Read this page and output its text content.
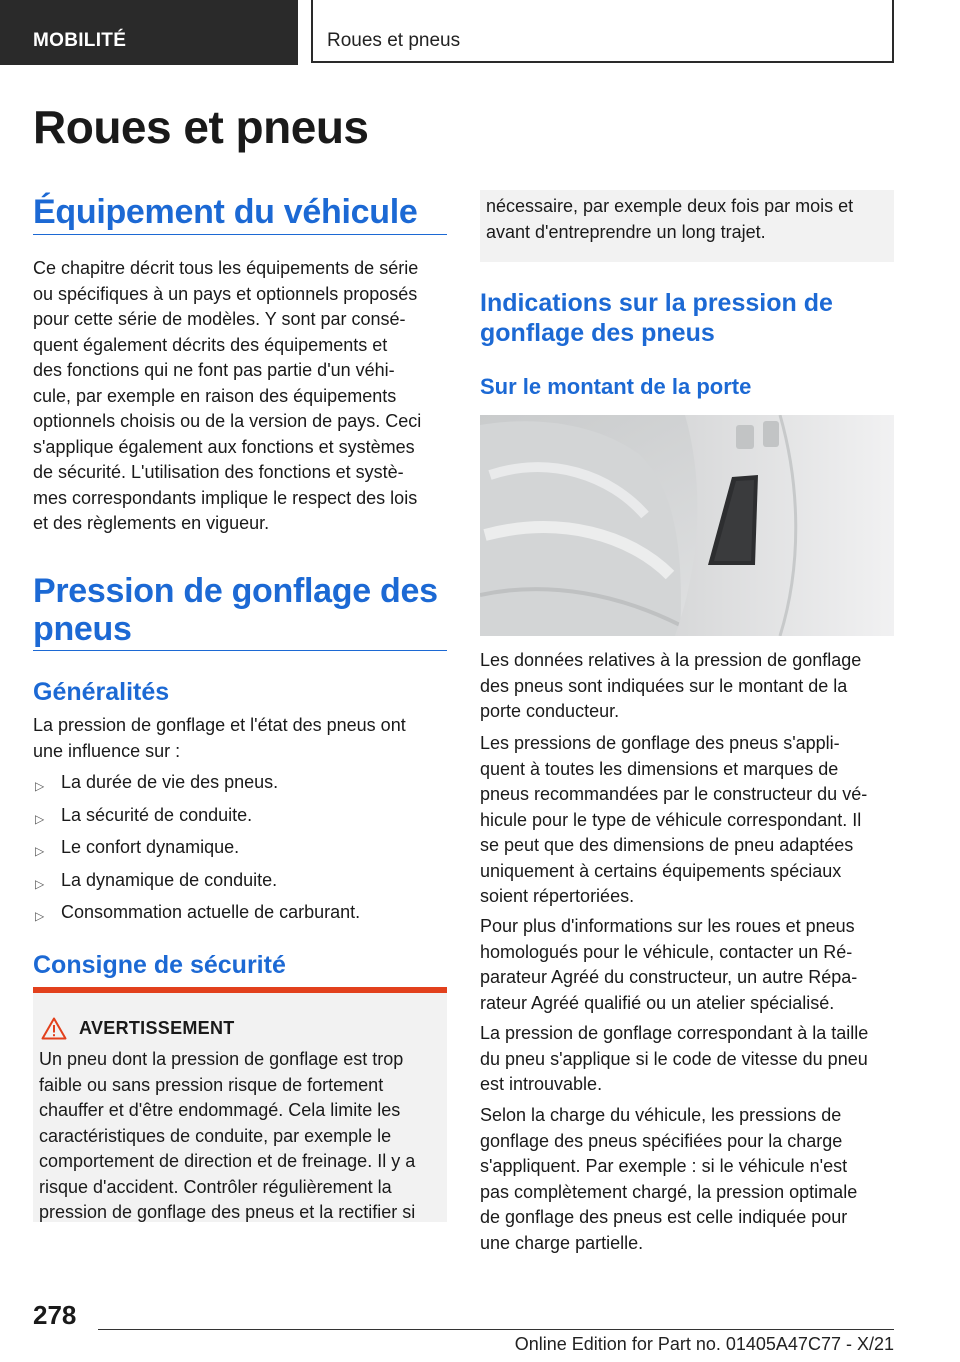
MOBILITÉ	Roues et pneus
Roues et pneus
Équipement du véhicule

Ce chapitre décrit tous les équipements de série
ou spécifiques à un pays et optionnels proposés
pour cette série de modèles. Y sont par consé-
quent également décrits des équipements et
des fonctions qui ne font pas partie d'un véhi-
cule, par exemple en raison des équipements
optionnels choisis ou de la version de pays. Ceci
s'applique également aux fonctions et systèmes
de sécurité. L'utilisation des fonctions et systè-
mes correspondants implique le respect des lois
et des règlements en vigueur.

Pression de gonflage des
pneus
Généralités

La pression de gonflage et l'état des pneus ont
une influence sur :

▷ La durée de vie des pneus.
▷ La sécurité de conduite.
▷ Le confort dynamique.
▷ La dynamique de conduite.
▷ Consommation actuelle de carburant.
Consigne de sécurité
AVERTISSEMENT

Un pneu dont la pression de gonflage est trop
faible ou sans pression risque de fortement
chauffer et d'être endommagé. Cela limite les
caractéristiques de conduite, par exemple le
comportement de direction et de freinage. Il y a
risque d'accident. Contrôler régulièrement la
pression de gonflage des pneus et la rectifier si

nécessaire, par exemple deux fois par mois et
avant d'entreprendre un long trajet.

Indications sur la pression de
gonflage des pneus
Sur le montant de la porte

Les données relatives à la pression de gonflage
des pneus sont indiquées sur le montant de la
porte conducteur.

Les pressions de gonflage des pneus s'appli-
quent à toutes les dimensions et marques de
pneus recommandées par le constructeur du vé-
hicule pour le type de véhicule correspondant. Il
se peut que des dimensions de pneu adaptées
uniquement à certains équipements spéciaux
soient répertoriées.

Pour plus d'informations sur les roues et pneus
homologués pour le véhicule, contacter un Ré-
parateur Agréé du constructeur, un autre Répa-
rateur Agréé qualifié ou un atelier spécialisé.

La pression de gonflage correspondant à la taille
du pneu s'applique si le code de vitesse du pneu
est introuvable.

Selon la charge du véhicule, les pressions de
gonflage des pneus spécifiées pour la charge
s'appliquent. Par exemple : si le véhicule n'est
pas complètement chargé, la pression optimale
de gonflage des pneus est celle indiquée pour
une charge partielle.

278
Online Edition for Part no. 01405A47C77 - X/21
